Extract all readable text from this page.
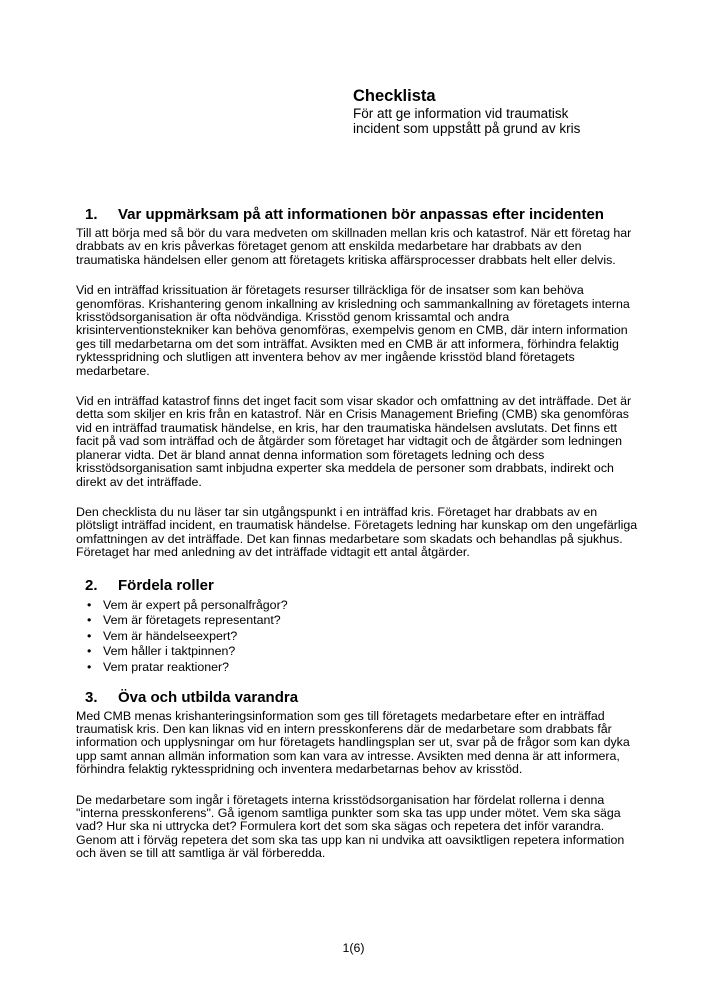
Checklista
För att ge information vid traumatisk
incident som uppstått på grund av kris
1. Var uppmärksam på att informationen bör anpassas efter incidenten

Till att börja med så bör du vara medveten om skillnaden mellan kris och katastrof. När ett företag har drabbats av en kris påverkas företaget genom att enskilda medarbetare har drabbats av den traumatiska händelsen eller genom att företagets kritiska affärsprocesser drabbats helt eller delvis.

Vid en inträffad krissituation är företagets resurser tillräckliga för de insatser som kan behöva genomföras. Krishantering genom inkallning av krisledning och sammankallning av företagets interna krisstödsorganisation är ofta nödvändiga. Krisstöd genom krissamtal och andra krisinterventionstekniker kan behöva genomföras, exempelvis genom en CMB, där intern information ges till medarbetarna om det som inträffat. Avsikten med en CMB är att informera, förhindra felaktig ryktesspridning och slutligen att inventera behov av mer ingående krisstöd bland företagets medarbetare.

Vid en inträffad katastrof finns det inget facit som visar skador och omfattning av det inträffade. Det är detta som skiljer en kris från en katastrof. När en Crisis Management Briefing (CMB) ska genomföras vid en inträffad traumatisk händelse, en kris, har den traumatiska händelsen avslutats. Det finns ett facit på vad som inträffad och de åtgärder som företaget har vidtagit och de åtgärder som ledningen planerar vidta. Det är bland annat denna information som företagets ledning och dess krisstödsorganisation samt inbjudna experter ska meddela de personer som drabbats, indirekt och direkt av det inträffade.

Den checklista du nu läser tar sin utgångspunkt i en inträffad kris. Företaget har drabbats av en plötsligt inträffad incident, en traumatisk händelse. Företagets ledning har kunskap om den ungefärliga omfattningen av det inträffade. Det kan finnas medarbetare som skadats och behandlas på sjukhus. Företaget har med anledning av det inträffade vidtagit ett antal åtgärder.

2. Fördela roller
• Vem är expert på personalfrågor?
• Vem är företagets representant?
• Vem är händelseexpert?
• Vem håller i taktpinnen?
• Vem pratar reaktioner?
3. Öva och utbilda varandra

Med CMB menas krishanteringsinformation som ges till företagets medarbetare efter en inträffad traumatisk kris. Den kan liknas vid en intern presskonferens där de medarbetare som drabbats får information och upplysningar om hur företagets handlingsplan ser ut, svar på de frågor som kan dyka upp samt annan allmän information som kan vara av intresse. Avsikten med denna är att informera, förhindra felaktig ryktesspridning och inventera medarbetarnas behov av krisstöd.

De medarbetare som ingår i företagets interna krisstödsorganisation har fördelat rollerna i denna "interna presskonferens". Gå igenom samtliga punkter som ska tas upp under mötet. Vem ska säga vad? Hur ska ni uttrycka det? Formulera kort det som ska sägas och repetera det inför varandra. Genom att i förväg repetera det som ska tas upp kan ni undvika att oavsiktligen repetera information och även se till att samtliga är väl förberedda.

1(6)
